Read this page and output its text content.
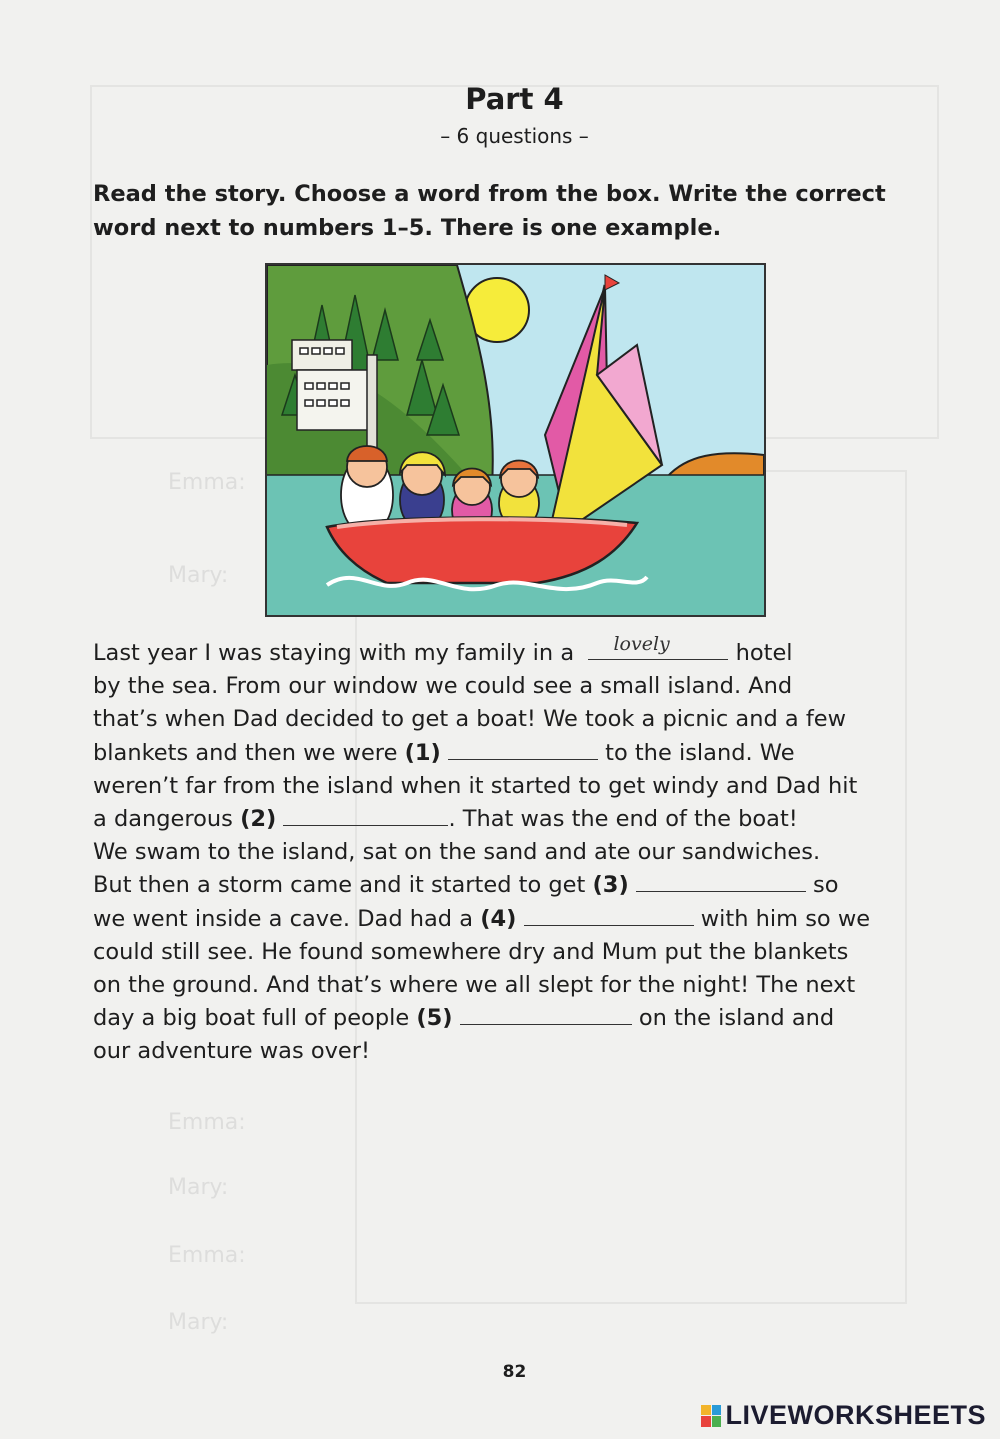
Part 4
– 6 questions –
Read the story. Choose a word from the box. Write the correct word next to numbers 1–5. There is one example.

Last year I was staying with my family in a lovely	hotel

by the sea. From our window we could see a small island. And

that’s when Dad decided to get a boat! We took a picnic and a few

blankets and then we were (1)	to the island. We

weren’t far from the island when it started to get windy and Dad hit

a dangerous (2)	. That was the end of the boat!

We swam to the island, sat on the sand and ate our sandwiches.

But then a storm came and it started to get (3)	so

we went inside a cave. Dad had a (4)	with him so we

could still see. He found somewhere dry and Mum put the blankets

on the ground. And that’s where we all slept for the night! The next

day a big boat full of people (5)	on the island and

our adventure was over!

Emma:
Mary:
Emma:
Mary:
Emma:
Mary:
82
LIVEWORKSHEETS
